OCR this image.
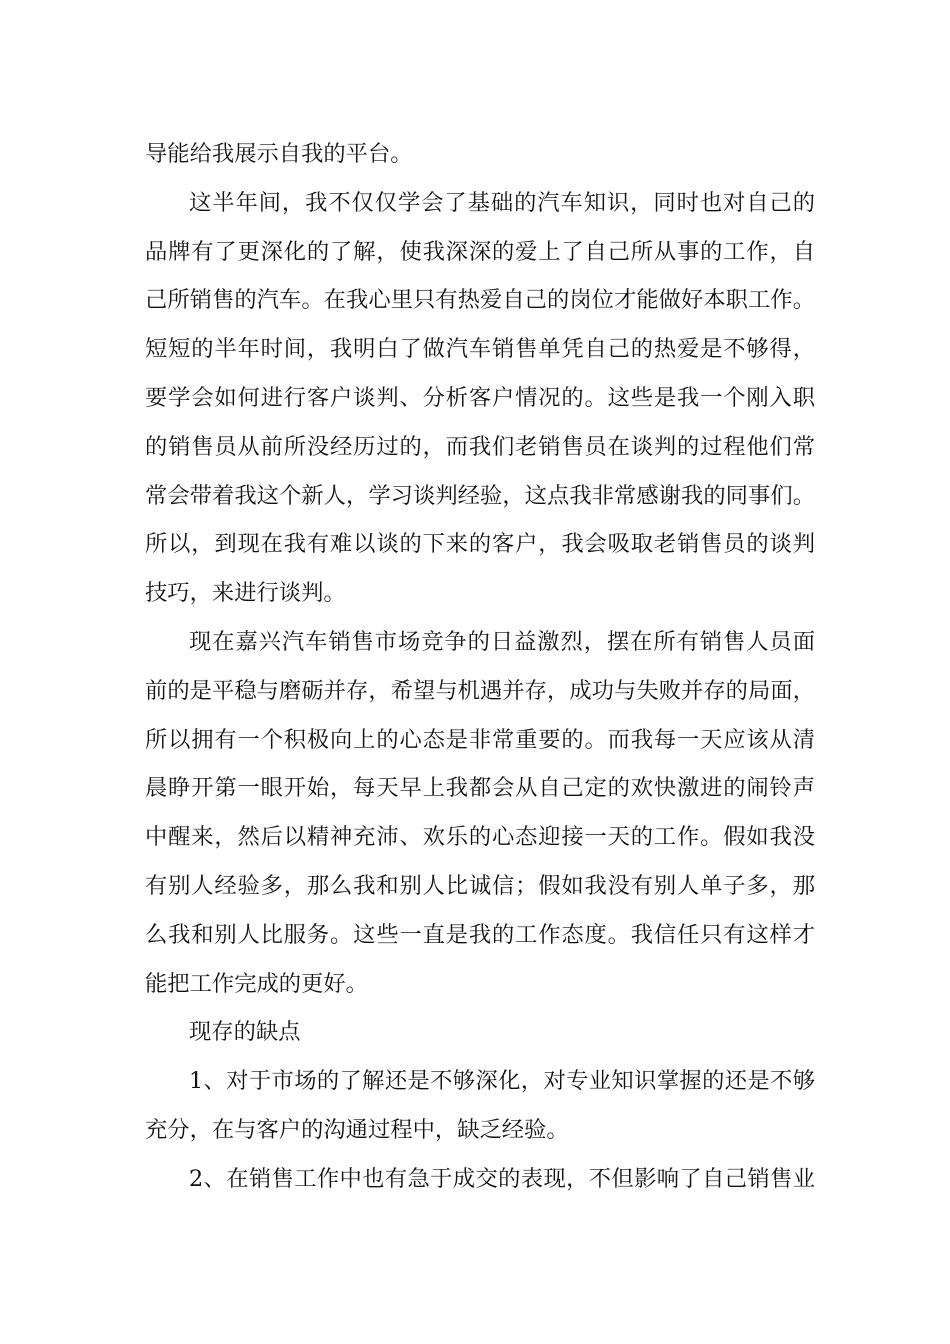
导能给我展示自我的平台。
这半年间，我不仅仅学会了基础的汽车知识，同时也对自己的
品牌有了更深化的了解，使我深深的爱上了自己所从事的工作，自
己所销售的汽车。在我心里只有热爱自己的岗位才能做好本职工作。
短短的半年时间，我明白了做汽车销售单凭自己的热爱是不够得，
要学会如何进行客户谈判、分析客户情况的。这些是我一个刚入职
的销售员从前所没经历过的，而我们老销售员在谈判的过程他们常
常会带着我这个新人，学习谈判经验，这点我非常感谢我的同事们。
所以，到现在我有难以谈的下来的客户，我会吸取老销售员的谈判
技巧，来进行谈判。
现在嘉兴汽车销售市场竞争的日益激烈，摆在所有销售人员面
前的是平稳与磨砺并存，希望与机遇并存，成功与失败并存的局面，
所以拥有一个积极向上的心态是非常重要的。而我每一天应该从清
晨睁开第一眼开始，每天早上我都会从自己定的欢快激进的闹铃声
中醒来，然后以精神充沛、欢乐的心态迎接一天的工作。假如我没
有别人经验多，那么我和别人比诚信；假如我没有别人单子多，那
么我和别人比服务。这些一直是我的工作态度。我信任只有这样才
能把工作完成的更好。
现存的缺点
1、对于市场的了解还是不够深化，对专业知识掌握的还是不够
充分，在与客户的沟通过程中，缺乏经验。
2、在销售工作中也有急于成交的表现，不但影响了自己销售业
